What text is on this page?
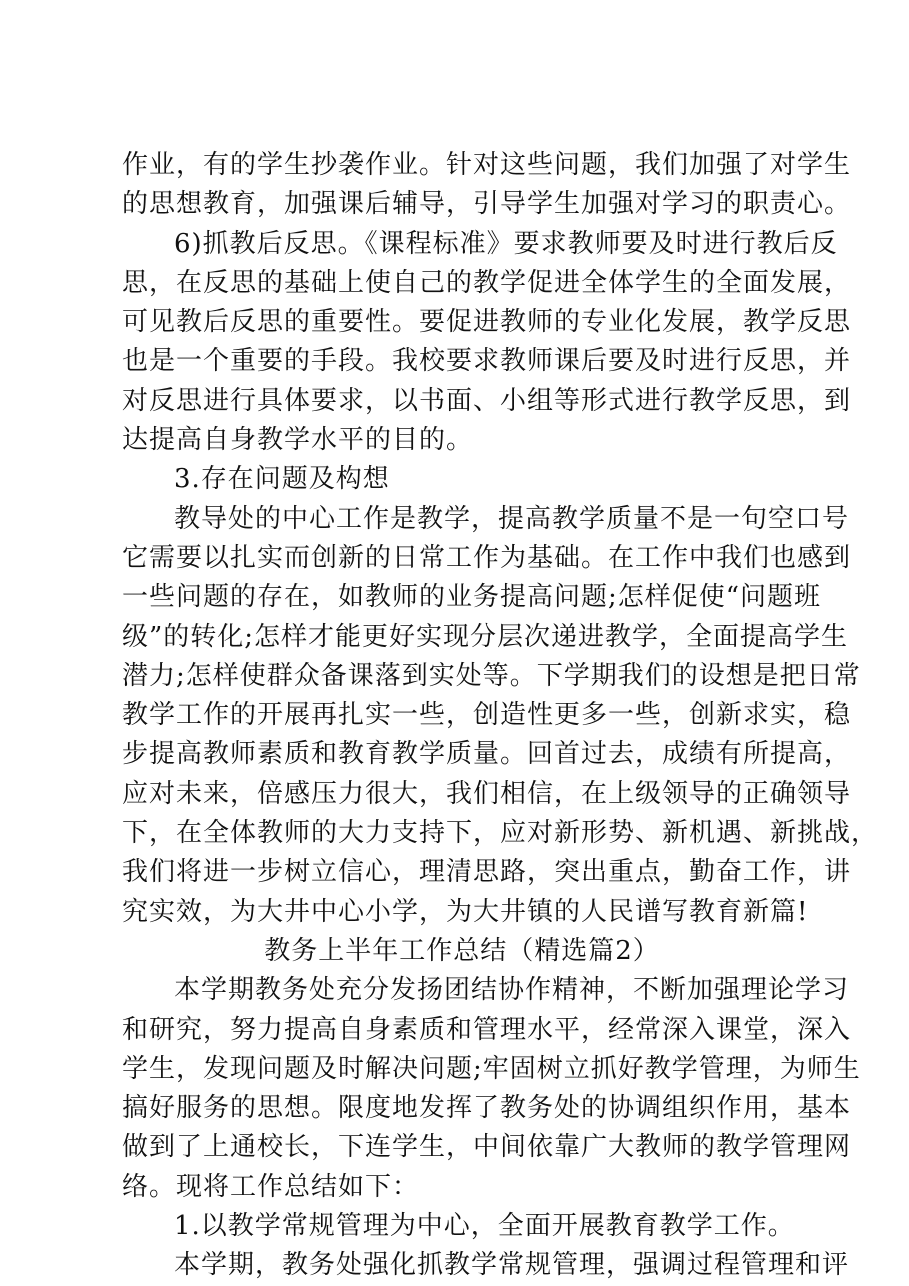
作业，有的学生抄袭作业。针对这些问题，我们加强了对学生
的思想教育，加强课后辅导，引导学生加强对学习的职责心。
6)抓教后反思。《课程标准》要求教师要及时进行教后反
思，在反思的基础上使自己的教学促进全体学生的全面发展，
可见教后反思的重要性。要促进教师的专业化发展，教学反思
也是一个重要的手段。我校要求教师课后要及时进行反思，并
对反思进行具体要求，以书面、小组等形式进行教学反思，到
达提高自身教学水平的目的。
3.存在问题及构想
教导处的中心工作是教学，提高教学质量不是一句空口号
它需要以扎实而创新的日常工作为基础。在工作中我们也感到
一些问题的存在，如教师的业务提高问题;怎样促使“问题班
级”的转化;怎样才能更好实现分层次递进教学，全面提高学生
潜力;怎样使群众备课落到实处等。下学期我们的设想是把日常
教学工作的开展再扎实一些，创造性更多一些，创新求实，稳
步提高教师素质和教育教学质量。回首过去，成绩有所提高，
应对未来，倍感压力很大，我们相信，在上级领导的正确领导
下，在全体教师的大力支持下，应对新形势、新机遇、新挑战，
我们将进一步树立信心，理清思路，突出重点，勤奋工作，讲
究实效，为大井中心小学，为大井镇的人民谱写教育新篇!
教务上半年工作总结（精选篇2）
本学期教务处充分发扬团结协作精神，不断加强理论学习
和研究，努力提高自身素质和管理水平，经常深入课堂，深入
学生，发现问题及时解决问题;牢固树立抓好教学管理，为师生
搞好服务的思想。限度地发挥了教务处的协调组织作用，基本
做到了上通校长，下连学生，中间依靠广大教师的教学管理网
络。现将工作总结如下：
1.以教学常规管理为中心，全面开展教育教学工作。
本学期，教务处强化抓教学常规管理，强调过程管理和评
